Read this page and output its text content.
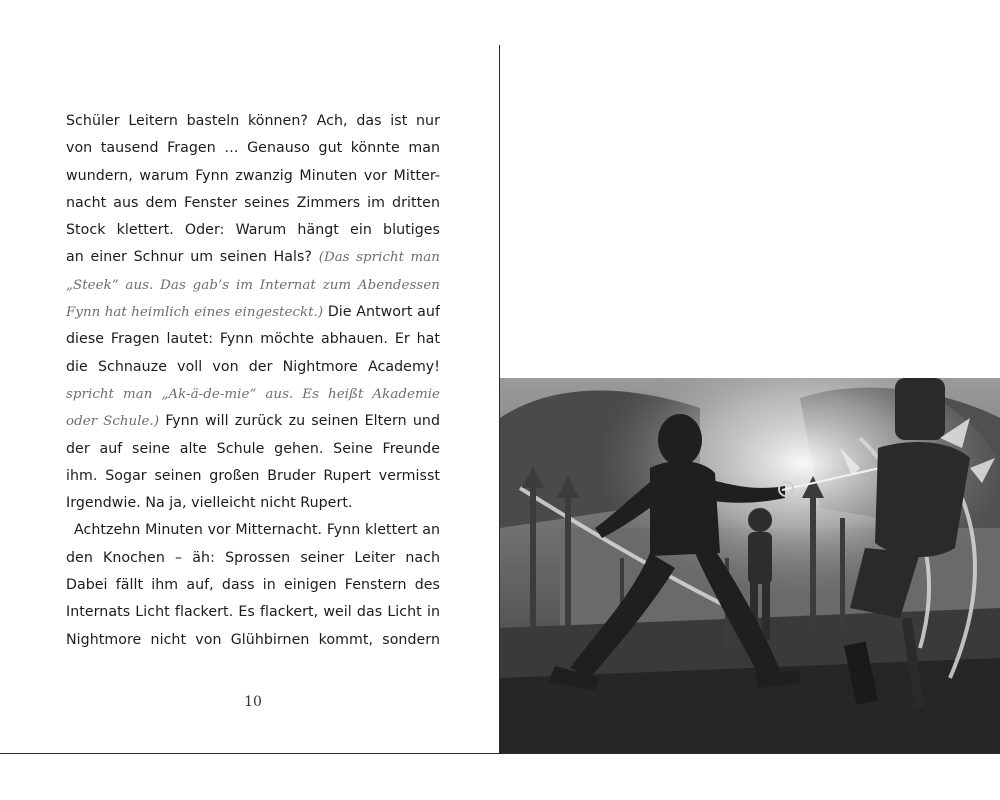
Schüler Leitern basteln können? Ach, das ist nur
von tausend Fragen … Genauso gut könnte man
wundern, warum Fynn zwanzig Minuten vor Mitter-
nacht aus dem Fenster seines Zimmers im dritten
Stock klettert. Oder: Warum hängt ein blutiges
an einer Schnur um seinen Hals? (Das spricht man
„Steek“ aus. Das gab’s im Internat zum Abendessen
Fynn hat heimlich eines eingesteckt.) Die Antwort auf
diese Fragen lautet: Fynn möchte abhauen. Er hat
die Schnauze voll von der Nightmore Academy!
spricht man „Ak-ä-de-mie“ aus. Es heißt Akademie
oder Schule.) Fynn will zurück zu seinen Eltern und
der auf seine alte Schule gehen. Seine Freunde
ihm. Sogar seinen großen Bruder Rupert vermisst
Irgendwie. Na ja, vielleicht nicht Rupert.
Achtzehn Minuten vor Mitternacht. Fynn klettert an
den Knochen – äh: Sprossen seiner Leiter nach
Dabei fällt ihm auf, dass in einigen Fenstern des
Internats Licht flackert. Es flackert, weil das Licht in
Nightmore nicht von Glühbirnen kommt, sondern
10
